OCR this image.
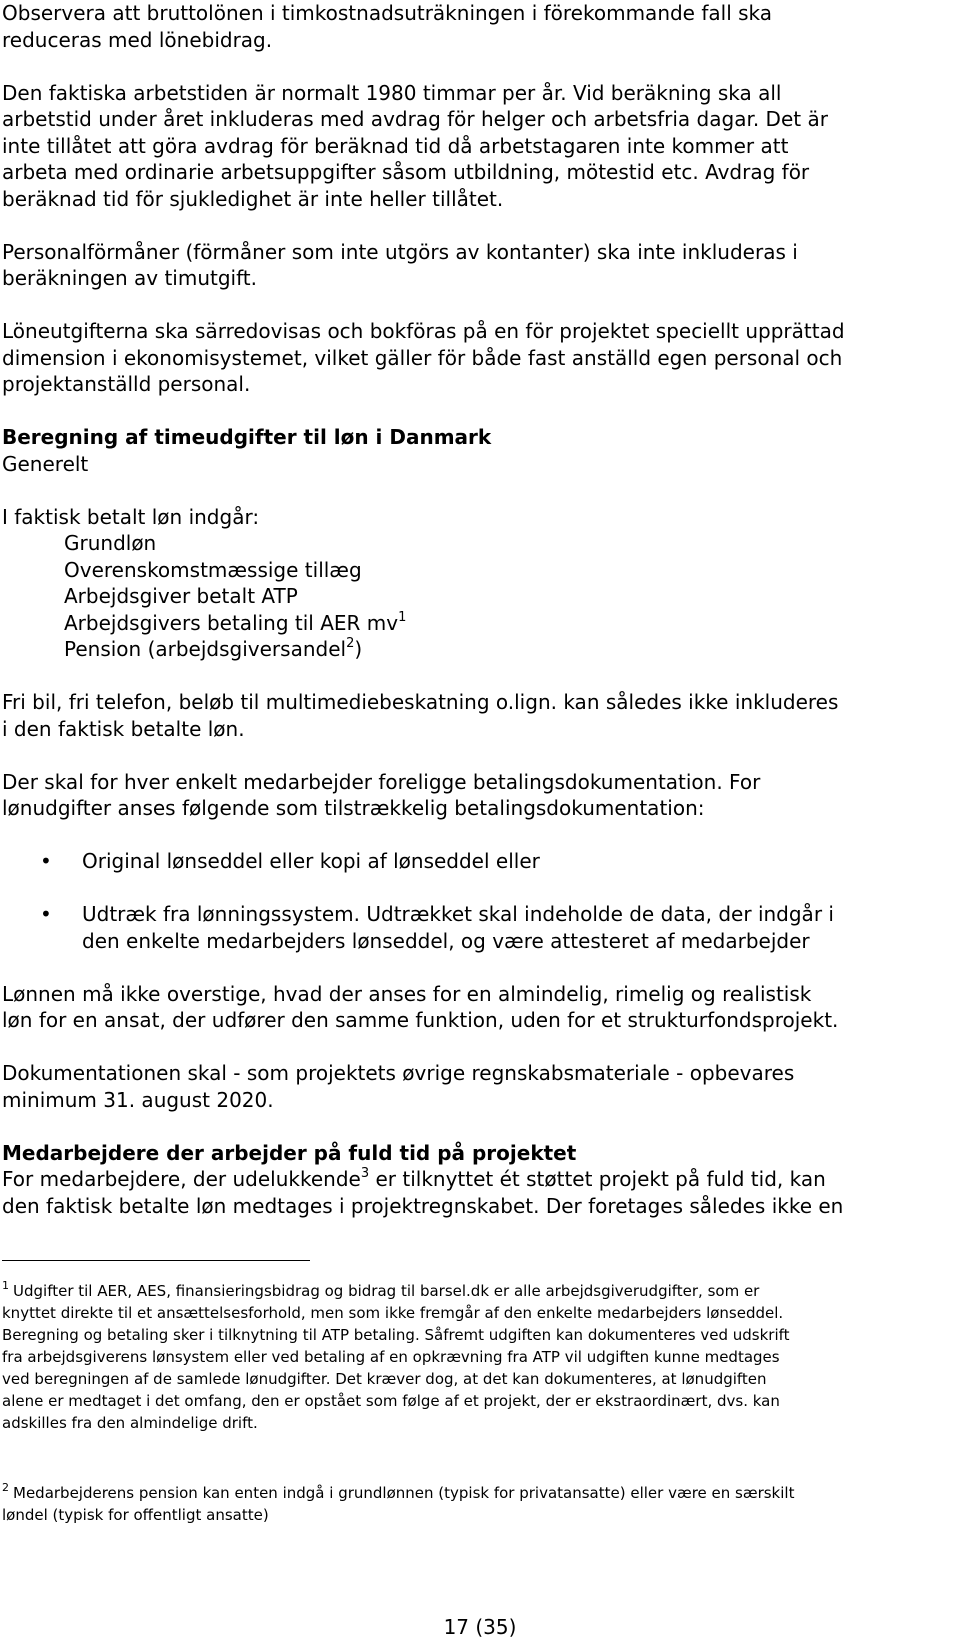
Observera att bruttolönen i timkostnadsuträkningen i förekommande fall ska
reduceras med lönebidrag.

Den faktiska arbetstiden är normalt 1980 timmar per år. Vid beräkning ska all
arbetstid under året inkluderas med avdrag för helger och arbetsfria dagar. Det är
inte tillåtet att göra avdrag för beräknad tid då arbetstagaren inte kommer att
arbeta med ordinarie arbetsuppgifter såsom utbildning, mötestid etc. Avdrag för
beräknad tid för sjukledighet är inte heller tillåtet.

Personalförmåner (förmåner som inte utgörs av kontanter) ska inte inkluderas i
beräkningen av timutgift.

Löneutgifterna ska särredovisas och bokföras på en för projektet speciellt upprättad
dimension i ekonomisystemet, vilket gäller för både fast anställd egen personal och
projektanställd personal.

Beregning af timeudgifter til løn i Danmark

Generelt

I faktisk betalt løn indgår:

Grundløn

Overenskomstmæssige tillæg

Arbejdsgiver betalt ATP

Arbejdsgivers betaling til AER $mv^1$

Pension (arbejdsgiversandel$^2$)

Fri bil, fri telefon, beløb til multimediebeskatning o.lign. kan således ikke inkluderes
i den faktisk betalte løn.

Der skal for hver enkelt medarbejder foreligge betalingsdokumentation. For
lønudgifter anses følgende som tilstrækkelig betalingsdokumentation:

• Original lønseddel eller kopi af lønseddel eller
• Udtræk fra lønningssystem. Udtrækket skal indeholde de data, der indgår i
den enkelte medarbejders lønseddel, og være attesteret af medarbejder

Lønnen må ikke overstige, hvad der anses for en almindelig, rimelig og realistisk
løn for en ansat, der udfører den samme funktion, uden for et strukturfondsprojekt.

Dokumentationen skal - som projektets øvrige regnskabsmateriale - opbevares
minimum 31. august 2020.

Medarbejdere der arbejder på fuld tid på projektet

For medarbejdere, der udelukkende$^3$ er tilknyttet ét støttet projekt på fuld tid, kan
den faktisk betalte løn medtages i projektregnskabet. Der foretages således ikke en

$^1$ Udgifter til AER, AES, finansieringsbidrag og bidrag til barsel.dk er alle arbejdsgiverudgifter, som er
knyttet direkte til et ansættelsesforhold, men som ikke fremgår af den enkelte medarbejders lønseddel.
Beregning og betaling sker i tilknytning til ATP betaling. Såfremt udgiften kan dokumenteres ved udskrift
fra arbejdsgiverens lønsystem eller ved betaling af en opkrævning fra ATP vil udgiften kunne medtages
ved beregningen af de samlede lønudgifter. Det kræver dog, at det kan dokumenteres, at lønudgiften
alene er medtaget i det omfang, den er opstået som følge af et projekt, der er ekstraordinært, dvs. kan
adskilles fra den almindelige drift.

$^2$ Medarbejderens pension kan enten indgå i grundlønnen (typisk for privatansatte) eller være en særskilt
løndel (typisk for offentligt ansatte)

17 (35)
